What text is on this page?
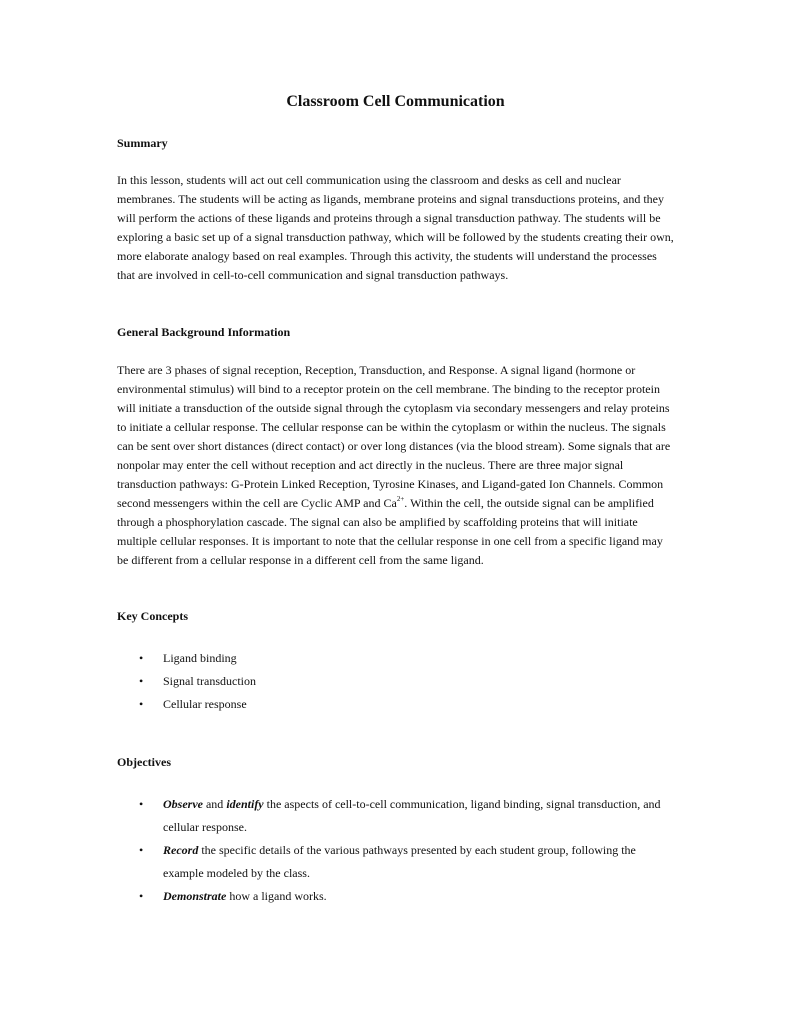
Classroom Cell Communication
Summary

In this lesson, students will act out cell communication using the classroom and desks as cell and nuclear membranes. The students will be acting as ligands, membrane proteins and signal transductions proteins, and they will perform the actions of these ligands and proteins through a signal transduction pathway. The students will be exploring a basic set up of a signal transduction pathway, which will be followed by the students creating their own, more elaborate analogy based on real examples. Through this activity, the students will understand the processes that are involved in cell-to-cell communication and signal transduction pathways.

General Background Information

There are 3 phases of signal reception, Reception, Transduction, and Response. A signal ligand (hormone or environmental stimulus) will bind to a receptor protein on the cell membrane. The binding to the receptor protein will initiate a transduction of the outside signal through the cytoplasm via secondary messengers and relay proteins to initiate a cellular response. The cellular response can be within the cytoplasm or within the nucleus. The signals can be sent over short distances (direct contact) or over long distances (via the blood stream). Some signals that are nonpolar may enter the cell without reception and act directly in the nucleus. There are three major signal transduction pathways: G-Protein Linked Reception, Tyrosine Kinases, and Ligand-gated Ion Channels. Common second messengers within the cell are Cyclic AMP and $Ca^{2+}$. Within the cell, the outside signal can be amplified through a phosphorylation cascade. The signal can also be amplified by scaffolding proteins that will initiate multiple cellular responses. It is important to note that the cellular response in one cell from a specific ligand may be different from a cellular response in a different cell from the same ligand.

Key Concepts
• Ligand binding
• Signal transduction
• Cellular response
Objectives
• Observe and identify the aspects of cell-to-cell communication, ligand binding, signal transduction, and cellular response.
• Record the specific details of the various pathways presented by each student group, following the example modeled by the class.
• Demonstrate how a ligand works.
